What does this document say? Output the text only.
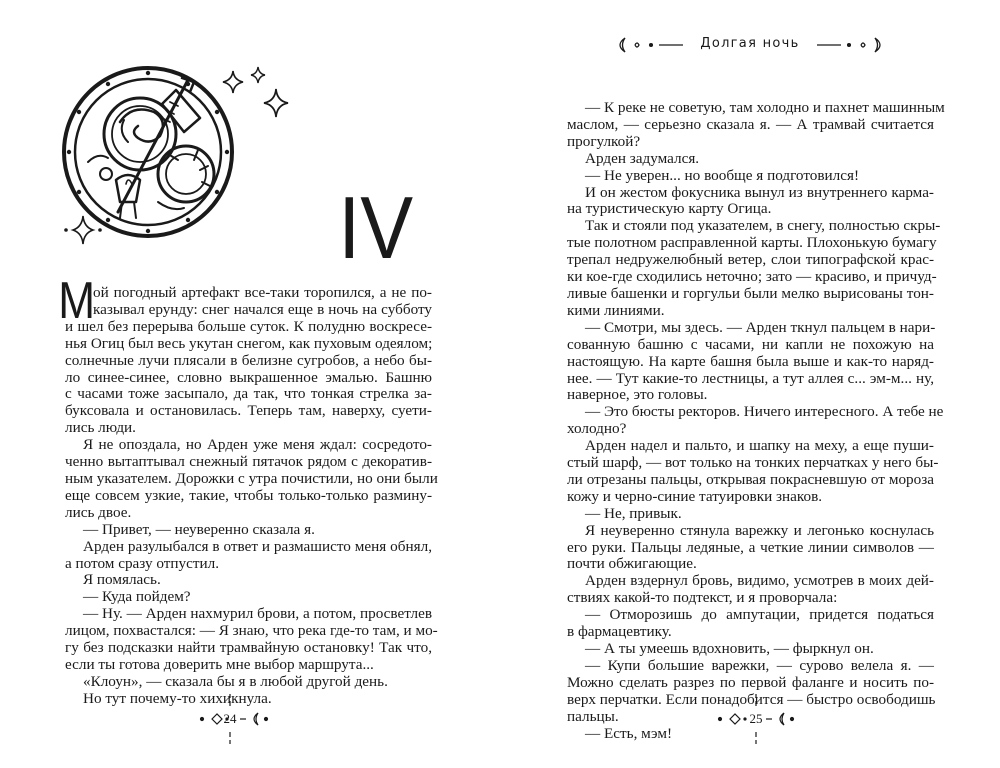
IV
М
ой погодный артефакт все-таки торопился, а не по-
казывал ерунду: снег начался еще в ночь на субботу
и шел без перерыва больше суток. К полудню воскресе-
нья Огиц был весь укутан снегом, как пуховым одеялом;
солнечные лучи плясали в белизне сугробов, а небо бы-
ло синее-синее, словно выкрашенное эмалью. Башню
с часами тоже засыпало, да так, что тонкая стрелка за-
буксовала и остановилась. Теперь там, наверху, суети-
лись люди.
Я не опоздала, но Арден уже меня ждал: сосредото-
ченно вытаптывал снежный пятачок рядом с декоратив-
ным указателем. Дорожки с утра почистили, но они были
еще совсем узкие, такие, чтобы только-только размину-
лись двое.
— Привет, — неуверенно сказала я.
Арден разулыбался в ответ и размашисто меня обнял,
а потом сразу отпустил.
Я помялась.
— Куда пойдем?
— Ну. — Арден нахмурил брови, а потом, просветлев
лицом, похвастался: — Я знаю, что река где-то там, и мо-
гу без подсказки найти трамвайную остановку! Так что,
если ты готова доверить мне выбор маршрута...
«Клоун», — сказала бы я в любой другой день.
Но тут почему-то хихикнула.
24
Долгая ночь
— К реке не советую, там холодно и пахнет машинным
маслом, — серьезно сказала я. — А трамвай считается
прогулкой?
Арден задумался.
— Не уверен... но вообще я подготовился!
И он жестом фокусника вынул из внутреннего карма-
на туристическую карту Огица.
Так и стояли под указателем, в снегу, полностью скры-
тые полотном расправленной карты. Плохонькую бумагу
трепал недружелюбный ветер, слои типографской крас-
ки кое-где сходились неточно; зато — красиво, и причуд-
ливые башенки и горгульи были мелко вырисованы тон-
кими линиями.
— Смотри, мы здесь. — Арден ткнул пальцем в нари-
сованную башню с часами, ни капли не похожую на
настоящую. На карте башня была выше и как-то наряд-
нее. — Тут какие-то лестницы, а тут аллея с... эм-м... ну,
наверное, это головы.
— Это бюсты ректоров. Ничего интересного. А тебе не
холодно?
Арден надел и пальто, и шапку на меху, а еще пуши-
стый шарф, — вот только на тонких перчатках у него бы-
ли отрезаны пальцы, открывая покрасневшую от мороза
кожу и черно-синие татуировки знаков.
— Не, привык.
Я неуверенно стянула варежку и легонько коснулась
его руки. Пальцы ледяные, а четкие линии символов —
почти обжигающие.
Арден вздернул бровь, видимо, усмотрев в моих дей-
ствиях какой-то подтекст, и я проворчала:
— Отморозишь до ампутации, придется податься
в фармацевтику.
— А ты умеешь вдохновить, — фыркнул он.
— Купи большие варежки, — сурово велела я. —
Можно сделать разрез по первой фаланге и носить по-
верх перчатки. Если понадобится — быстро освободишь
пальцы.
— Есть, мэм!
25
